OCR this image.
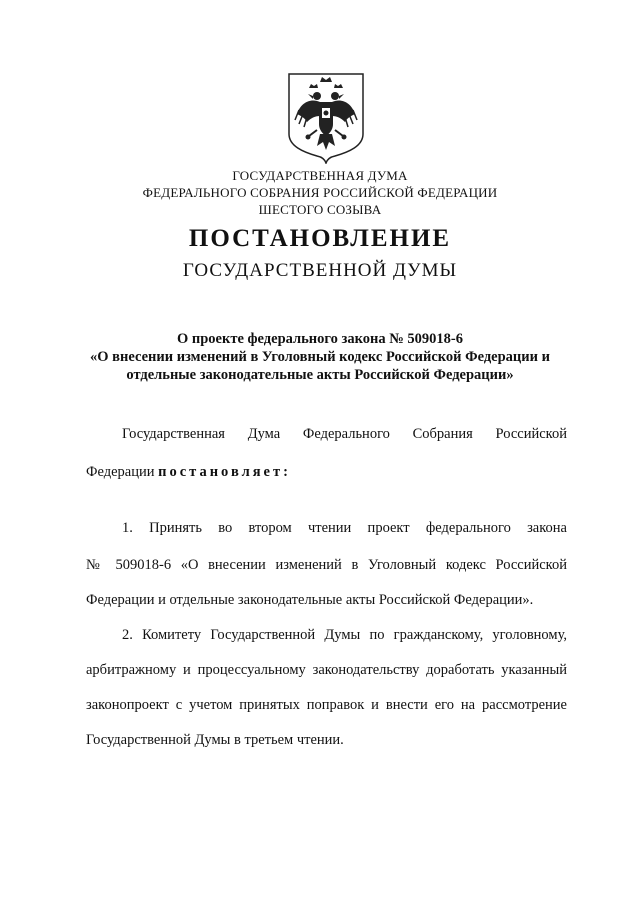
ГОСУДАРСТВЕННАЯ ДУМА
ФЕДЕРАЛЬНОГО СОБРАНИЯ РОССИЙСКОЙ ФЕДЕРАЦИИ
ШЕСТОГО СОЗЫВА
ПОСТАНОВЛЕНИЕ
ГОСУДАРСТВЕННОЙ ДУМЫ
О проекте федерального закона № 509018-6
«О внесении изменений в Уголовный кодекс Российской Федерации и
отдельные законодательные акты Российской Федерации»
Государственная Дума Федерального Собрания Российской
Федерации постановляет:
1. Принять во втором чтении проект федерального закона
№ 509018-6 «О внесении изменений в Уголовный кодекс Российской
Федерации и отдельные законодательные акты Российской Федерации».
2. Комитету Государственной Думы по гражданскому, уголовному,
арбитражному и процессуальному законодательству доработать указанный
законопроект с учетом принятых поправок и внести его на рассмотрение
Государственной Думы в третьем чтении.
